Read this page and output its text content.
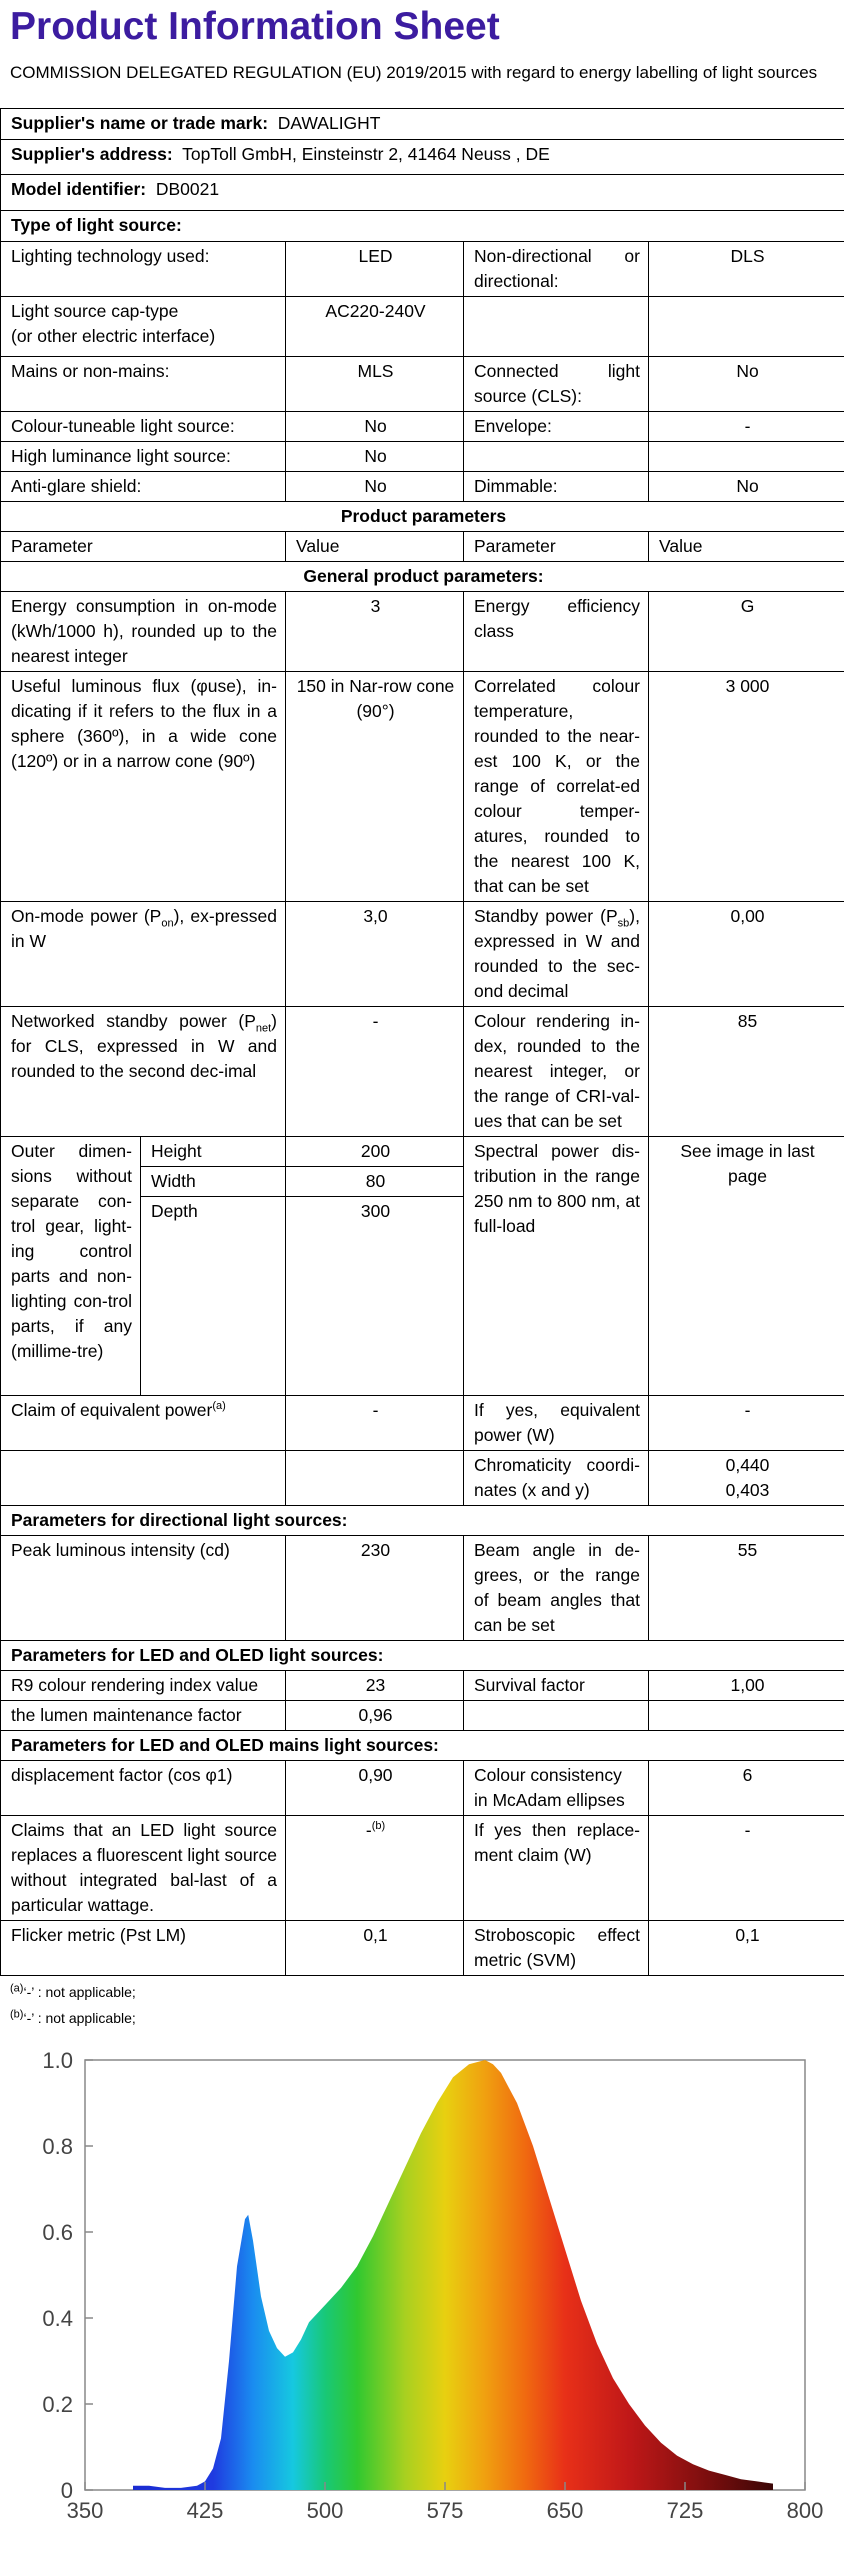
Product Information Sheet
COMMISSION DELEGATED REGULATION (EU) 2019/2015 with regard to energy labelling of light sources
Supplier's name or trade mark: DAWALIGHT				
Supplier's address: TopToll GmbH, Einsteinstr 2, 41464 Neuss , DE				
Model identifier: DB0021				
Type of light source:				
Lighting technology used:		LED	Non-directional or directional:	DLS

Light source cap-type
(or other electric interface)		AC220-240V		
Mains or non-mains:		MLS	Connected light source (CLS):	No
Colour-tuneable light source:		No	Envelope:	-
High luminance light source:		No		
Anti-glare shield:		No	Dimmable:	No
Product parameters				
Parameter		Value	Parameter	Value
General product parameters:				
Energy consumption in on-mode (kWh/1000 h), rounded up to the nearest integer		3	Energy efficiency class	G
Useful luminous flux (φuse), in-dicating if it refers to the flux in a sphere (360º), in a wide cone (120º) or in a narrow cone (90º)		150 in Nar-row cone (90°)	Correlated colour temperature, rounded to the near-est 100 K, or the range of correlat-ed colour temper-atures, rounded to the nearest 100 K, that can be set	3 000
On-mode power $(P_{on})$, ex-pressed in W		3,0	Standby power $(P_{sb})$, expressed in W and rounded to the sec-ond decimal	0,00
Networked standby power $(P_{net})$ for CLS, expressed in W and rounded to the second dec-imal		-	Colour rendering in-dex, rounded to the nearest integer, or the range of CRI-val-ues that can be set	85
Outer dimen-sions without separate con-trol gear, light-ing control parts and non-lighting con-trol parts, if any (millime-tre)	Height	200	Spectral power dis-tribution in the range 250 nm to 800 nm, at full-load	See image in last page
	Width	80		
	Depth	300		
Claim of equivalent power$^{(a)}$		-	If yes, equivalent power (W)	-
			Chromaticity coordi-nates (x and y)	0,440
0,403

Parameters for directional light sources:				
Peak luminous intensity (cd)		230	Beam angle in de-grees, or the range of beam angles that can be set	55
Parameters for LED and OLED light sources:				
R9 colour rendering index value		23	Survival factor	1,00
the lumen maintenance factor		0,96		
Parameters for LED and OLED mains light sources:				
displacement factor (cos φ1)		0,90	Colour consistency in McAdam ellipses	6
Claims that an LED light source replaces a fluorescent light source without integrated bal-last of a particular wattage.		-$^{(b)}$	If yes then replace-ment claim (W)	-
Flicker metric (Pst LM)		0,1	Stroboscopic effect metric (SVM)	0,1
$^{(a)}$‘-’ : not applicable;
$^{(b)}$‘-’ : not applicable;
0
0.2
0.4
0.6
0.8
1.0
350	425	500	575	650	725	800
